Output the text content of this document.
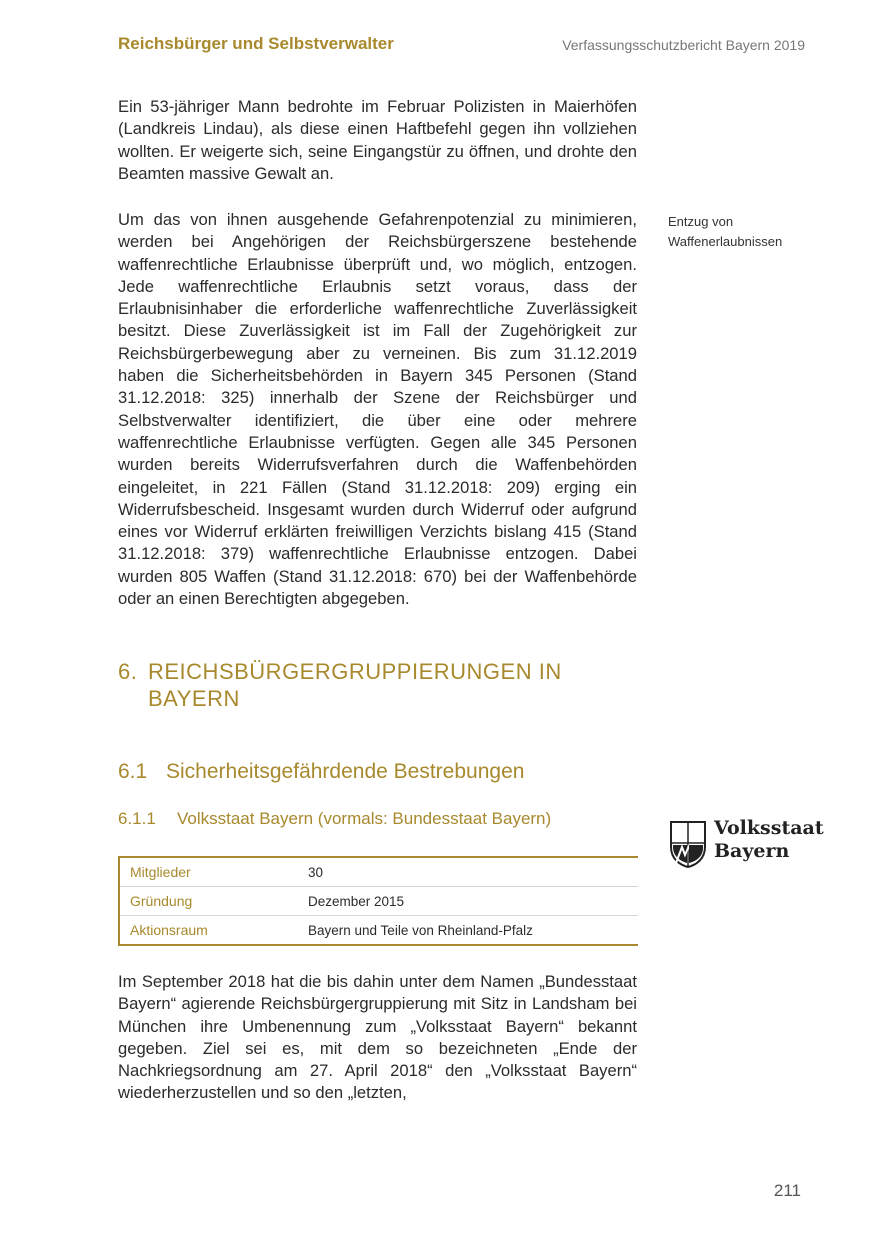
Reichsbürger und Selbstverwalter	Verfassungsschutzbericht Bayern 2019

Ein 53-jähriger Mann bedrohte im Februar Polizisten in Maierhöfen (Landkreis Lindau), als diese einen Haftbefehl gegen ihn vollziehen wollten. Er weigerte sich, seine Eingangstür zu öffnen, und drohte den Beamten massive Gewalt an.

Um das von ihnen ausgehende Gefahrenpotenzial zu minimieren, werden bei Angehörigen der Reichsbürgerszene bestehende waffenrechtliche Erlaubnisse überprüft und, wo möglich, entzogen. Jede waffenrechtliche Erlaubnis setzt voraus, dass der Erlaubnisinhaber die erforderliche waffenrechtliche Zuverlässigkeit besitzt. Diese Zuverlässigkeit ist im Fall der Zugehörigkeit zur Reichsbürgerbewegung aber zu verneinen. Bis zum 31.12.2019 haben die Sicherheitsbehörden in Bayern 345 Personen (Stand 31.12.2018: 325) innerhalb der Szene der Reichsbürger und Selbstverwalter identifiziert, die über eine oder mehrere waffenrechtliche Erlaubnisse verfügten. Gegen alle 345 Personen wurden bereits Widerrufsverfahren durch die Waffenbehörden eingeleitet, in 221 Fällen (Stand 31.12.2018: 209) erging ein Widerrufsbescheid. Insgesamt wurden durch Widerruf oder aufgrund eines vor Widerruf erklärten freiwilligen Verzichts bislang 415 (Stand 31.12.2018: 379) waffenrechtliche Erlaubnisse entzogen. Dabei wurden 805 Waffen (Stand 31.12.2018: 670) bei der Waffenbehörde oder an einen Berechtigten abgegeben.

Entzug von Waffenerlaubnissen
6. REICHSBÜRGERGRUPPIERUNGEN IN
BAYERN
6.1 Sicherheitsgefährdende Bestrebungen
6.1.1 Volksstaat Bayern (vormals: Bundesstaat Bayern)	Volksstaat
Bayern
Mitglieder	30
Gründung	Dezember 2015
Aktionsraum	Bayern und Teile von Rheinland-Pfalz

Im September 2018 hat die bis dahin unter dem Namen „Bundesstaat Bayern“ agierende Reichsbürgergruppierung mit Sitz in Landsham bei München ihre Umbenennung zum „Volksstaat Bayern“ bekannt gegeben. Ziel sei es, mit dem so bezeichneten „Ende der Nachkriegsordnung am 27. April 2018“ den „Volksstaat Bayern“ wiederherzustellen und so den „letzten,

211
